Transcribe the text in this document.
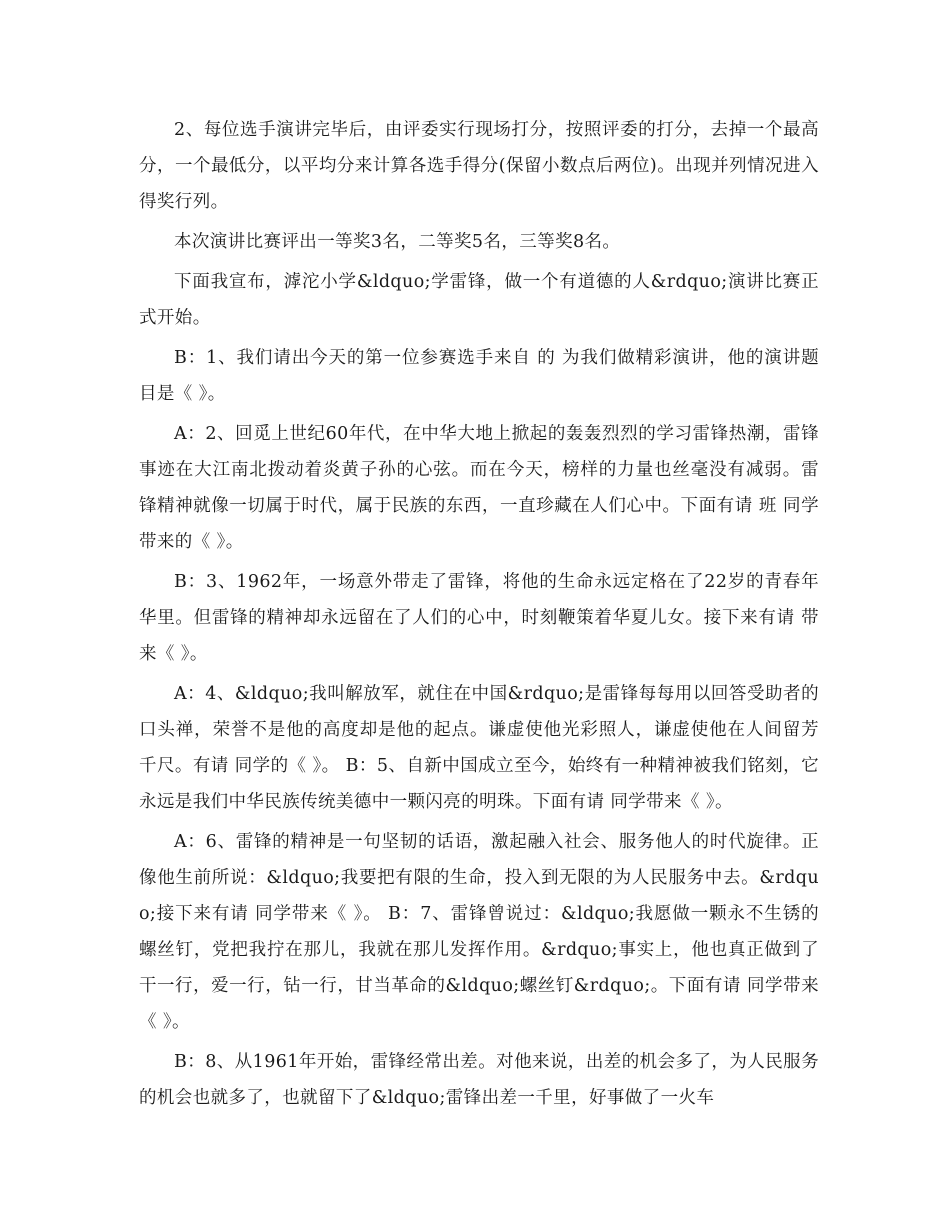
2、每位选手演讲完毕后，由评委实行现场打分，按照评委的打分，去掉一个最高分，一个最低分，以平均分来计算各选手得分(保留小数点后两位)。出现并列情况进入得奖行列。

本次演讲比赛评出一等奖3名，二等奖5名，三等奖8名。

下面我宣布，滹沱小学&ldquo;学雷锋，做一个有道德的人&rdquo;演讲比赛正式开始。

B：1、我们请出今天的第一位参赛选手来自 的 为我们做精彩演讲，他的演讲题目是《 》。

A：2、回觅上世纪60年代，在中华大地上掀起的轰轰烈烈的学习雷锋热潮，雷锋事迹在大江南北拨动着炎黄子孙的心弦。而在今天，榜样的力量也丝毫没有减弱。雷锋精神就像一切属于时代，属于民族的东西，一直珍藏在人们心中。下面有请 班 同学带来的《 》。

B：3、1962年，一场意外带走了雷锋，将他的生命永远定格在了22岁的青春年华里。但雷锋的精神却永远留在了人们的心中，时刻鞭策着华夏儿女。接下来有请 带来《 》。

A：4、&ldquo;我叫解放军，就住在中国&rdquo;是雷锋每每用以回答受助者的口头禅，荣誉不是他的高度却是他的起点。谦虚使他光彩照人，谦虚使他在人间留芳千尺。有请 同学的《 》。 B：5、自新中国成立至今，始终有一种精神被我们铭刻，它永远是我们中华民族传统美德中一颗闪亮的明珠。下面有请 同学带来《 》。

A：6、雷锋的精神是一句坚韧的话语，激起融入社会、服务他人的时代旋律。正像他生前所说：&ldquo;我要把有限的生命，投入到无限的为人民服务中去。&rdquo;接下来有请 同学带来《 》。 B：7、雷锋曾说过：&ldquo;我愿做一颗永不生锈的螺丝钉，党把我拧在那儿，我就在那儿发挥作用。&rdquo;事实上，他也真正做到了干一行，爱一行，钻一行，甘当革命的&ldquo;螺丝钉&rdquo;。下面有请 同学带来《 》。

B：8、从1961年开始，雷锋经常出差。对他来说，出差的机会多了，为人民服务的机会也就多了，也就留下了&ldquo;雷锋出差一千里，好事做了一火车
